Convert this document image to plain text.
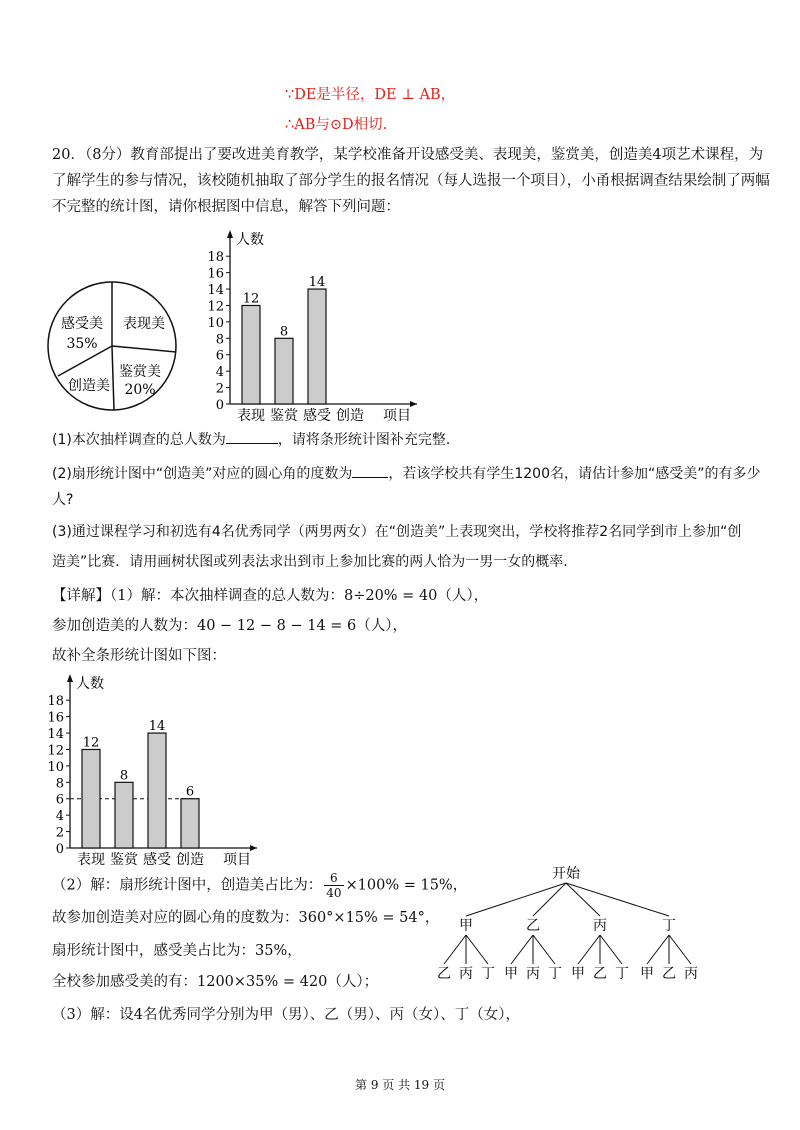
∵DE是半径，DE ⊥ AB，
∴AB与⊙D相切.
20．（8分）教育部提出了要改进美育教学，某学校准备开设感受美、表现美，鉴赏美，创造美4项艺术课程，为
了解学生的参与情况，该校随机抽取了部分学生的报名情况（每人选报一个项目），小甬根据调查结果绘制了两幅
不完整的统计图，请你根据图中信息，解答下列问题：
感受美
35%
表现美
鉴赏美
20%
创造美
人数
0
2
4
6
8
10
12
14
16
18
12
表现
8
鉴赏
14
感受 创造 项目
(1)本次抽样调查的总人数为	，请将条形统计图补充完整.
(2)扇形统计图中“创造美”对应的圆心角的度数为	，若该学校共有学生1200名，请估计参加“感受美”的有多少
人?
(3)通过课程学习和初选有4名优秀同学（两男两女）在“创造美”上表现突出，学校将推荐2名同学到市上参加“创
造美”比赛．请用画树状图或列表法求出到市上参加比赛的两人恰为一男一女的概率.
【详解】（1）解：本次抽样调查的总人数为：8÷20% = 40（人），
参加创造美的人数为：40 − 12 − 8 − 14 = 6（人），
故补全条形统计图如下图：
人数
0
2
4
6
8
10
12
14
16
18
12
表现
8
鉴赏
14
感受
6
创造 项目
（2）解：扇形统计图中，创造美占比为： $\frac{6}{40} \times 100\% = 15\%$，
故参加创造美对应的圆心角的度数为：360°×15% = 54°，
扇形统计图中，感受美占比为：35%，
全校参加感受美的有：1200×35% = 420（人）；
（3）解：设4名优秀同学分别为甲（男）、乙（男）、丙（女）、丁（女），
开始
甲
乙 丙 丁
乙
甲 丙 丁
丙
甲 乙 丁
丁
甲 乙 丙
第 9 页 共 19 页
